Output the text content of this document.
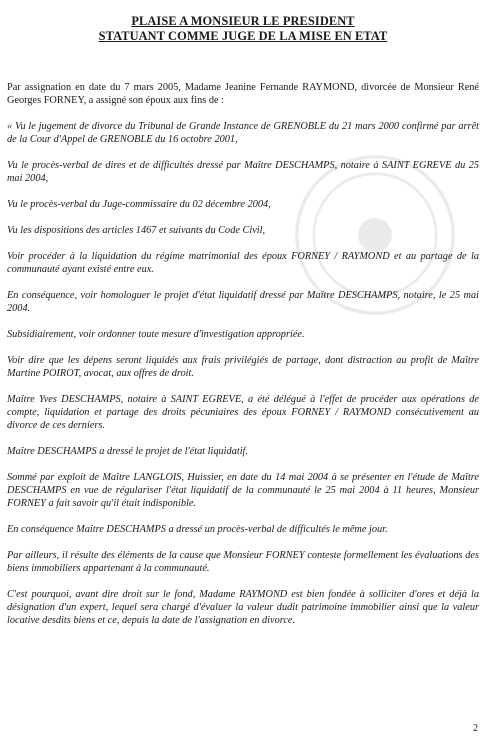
PLAISE A MONSIEUR LE PRESIDENT
STATUANT COMME JUGE DE LA MISE EN ETAT

Par assignation en date du 7 mars 2005, Madame Jeanine Fernande RAYMOND, divorcée de Monsieur René Georges FORNEY, a assigné son époux aux fins de :

« Vu le jugement de divorce du Tribunal de Grande Instance de GRENOBLE du 21 mars 2000 confirmé par arrêt de la Cour d'Appel de GRENOBLE du 16 octobre 2001,

Vu le procès-verbal de dires et de difficultés dressé par Maître DESCHAMPS, notaire à SAINT EGREVE du 25 mai 2004,

Vu le procès-verbal du Juge-commissaire du 02 décembre 2004,

Vu les dispositions des articles 1467 et suivants du Code Civil,

Voir procéder à la liquidation du régime matrimonial des époux FORNEY / RAYMOND et au partage de la communauté ayant existé entre eux.

En conséquence, voir homologuer le projet d'état liquidatif dressé par Maître DESCHAMPS, notaire, le 25 mai 2004.

Subsidiairement, voir ordonner toute mesure d'investigation appropriée.

Voir dire que les dépens seront liquidés aux frais privilégiés de partage, dont distraction au profit de Maître Martine POIROT, avocat, aux offres de droit.

Maître Yves DESCHAMPS, notaire à SAINT EGREVE, a été délégué à l'effet de procéder aux opérations de compte, liquidation et partage des droits pécuniaires des époux FORNEY / RAYMOND consécutivement au divorce de ces derniers.

Maître DESCHAMPS a dressé le projet de l'état liquidatif.

Sommé par exploit de Maître LANGLOIS, Huissier, en date du 14 mai 2004 à se présenter en l'étude de Maître DESCHAMPS en vue de régulariser l'état liquidatif de la communauté le 25 mai 2004 à 11 heures, Monsieur FORNEY a fait savoir qu'il était indisponible.

En conséquence Maître DESCHAMPS a dressé un procès-verbal de difficultés le même jour.

Par ailleurs, il résulte des éléments de la cause que Monsieur FORNEY conteste formellement les évaluations des biens immobiliers appartenant à la communauté.

C'est pourquoi, avant dire droit sur le fond, Madame RAYMOND est bien fondée à solliciter d'ores et déjà la désignation d'un expert, lequel sera chargé d'évaluer la valeur dudit patrimoine immobilier ainsi que la valeur locative desdits biens et ce, depuis la date de l'assignation en divorce.

2
